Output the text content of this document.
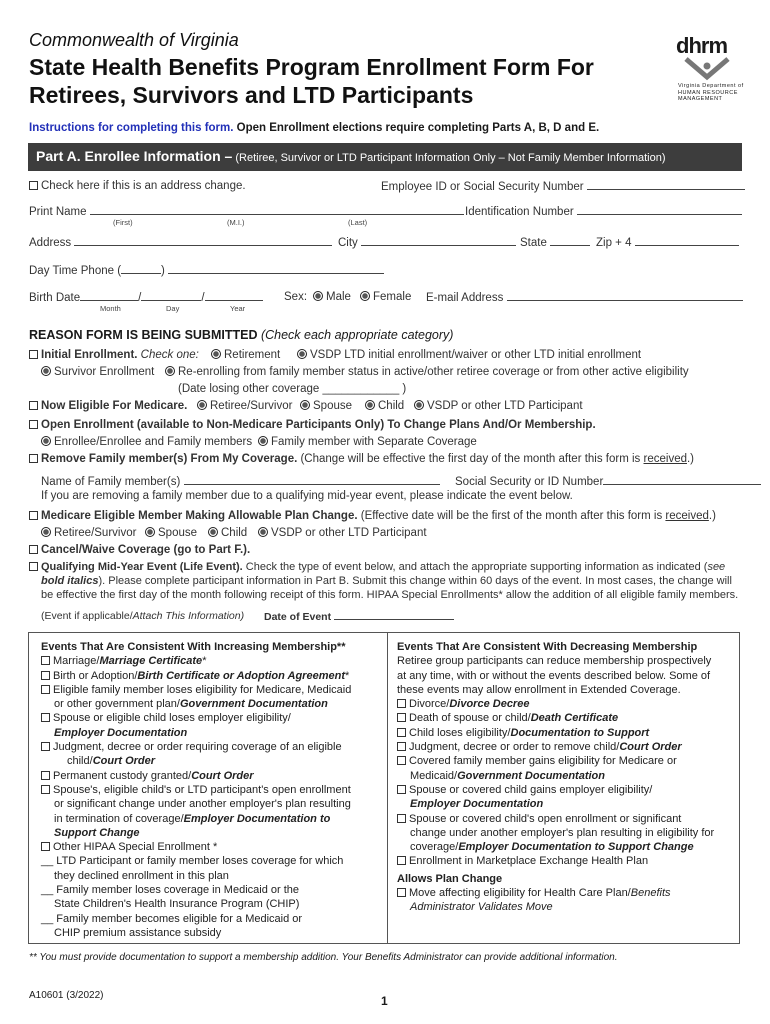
Commonwealth of Virginia
State Health Benefits Program Enrollment Form For
Retirees, Survivors and LTD Participants
dhrm
Virginia Department of
HUMAN RESOURCE
MANAGEMENT
Instructions for completing this form. Open Enrollment elections require completing Parts A, B, D and E.
Part A. Enrollee Information – (Retiree, Survivor or LTD Participant Information Only – Not Family Member Information)
Check here if this is an address change.	Employee ID or Social Security Number
Print Name	Identification Number
(First)	(M.I.)	(Last)
Address	City	State	Zip + 4
Day Time Phone (	)
Birth Date	/	/
Month	Day	Year
Sex:	Male	Female E-mail Address
REASON FORM IS BEING SUBMITTED (Check each appropriate category)
Initial Enrollment. Check one:	Retirement	VSDP LTD initial enrollment/waiver or other LTD initial enrollment
Survivor Enrollment	Re-enrolling from family member status in active/other retiree coverage or from other active eligibility
(Date losing other coverage ____________ )
Now Eligible For Medicare.	Retiree/Survivor	Spouse	Child	VSDP or other LTD Participant
Open Enrollment (available to Non-Medicare Participants Only) To Change Plans And/Or Membership.
Enrollee/Enrollee and Family members	Family member with Separate Coverage
Remove Family member(s) From My Coverage. (Change will be effective the first day of the month after this form is received.)
Name of Family member(s)	Social Security or ID Number
If you are removing a family member due to a qualifying mid-year event, please indicate the event below.
Medicare Eligible Member Making Allowable Plan Change. (Effective date will be the first of the month after this form is received.)
Retiree/Survivor	Spouse	Child	VSDP or other LTD Participant
Cancel/Waive Coverage (go to Part F.).
Qualifying Mid-Year Event (Life Event). Check the type of event below, and attach the appropriate supporting information as indicated (see
bold italics). Please complete participant information in Part B. Submit this change within 60 days of the event. In most cases, the change will
be effective the first day of the month following receipt of this form. HIPAA Special Enrollments* allow the addition of all eligible family members.
(Event if applicable/Attach This Information) Date of Event
Events That Are Consistent With Increasing Membership**
Marriage/Marriage Certificate*
Birth or Adoption/Birth Certificate or Adoption Agreement*
Eligible family member loses eligibility for Medicare, Medicaid
or other government plan/Government Documentation
Spouse or eligible child loses employer eligibility/
Employer Documentation
Judgment, decree or order requiring coverage of an eligible
child/Court Order
Permanent custody granted/Court Order
Spouse's, eligible child's or LTD participant's open enrollment
or significant change under another employer's plan resulting
in termination of coverage/Employer Documentation to
Support Change
Other HIPAA Special Enrollment *
__ LTD Participant or family member loses coverage for which
they declined enrollment in this plan
__ Family member loses coverage in Medicaid or the
State Children's Health Insurance Program (CHIP)
__ Family member becomes eligible for a Medicaid or
CHIP premium assistance subsidy
Events That Are Consistent With Decreasing Membership
Retiree group participants can reduce membership prospectively
at any time, with or without the events described below. Some of
these events may allow enrollment in Extended Coverage.
Divorce/Divorce Decree
Death of spouse or child/Death Certificate
Child loses eligibility/Documentation to Support
Judgment, decree or order to remove child/Court Order
Covered family member gains eligibility for Medicare or
Medicaid/Government Documentation
Spouse or covered child gains employer eligibility/
Employer Documentation
Spouse or covered child's open enrollment or significant
change under another employer's plan resulting in eligibility for
coverage/Employer Documentation to Support Change
Enrollment in Marketplace Exchange Health Plan
Allows Plan Change
Move affecting eligibility for Health Care Plan/Benefits
Administrator Validates Move
** You must provide documentation to support a membership addition. Your Benefits Administrator can provide additional information.
A10601 (3/2022)	1
